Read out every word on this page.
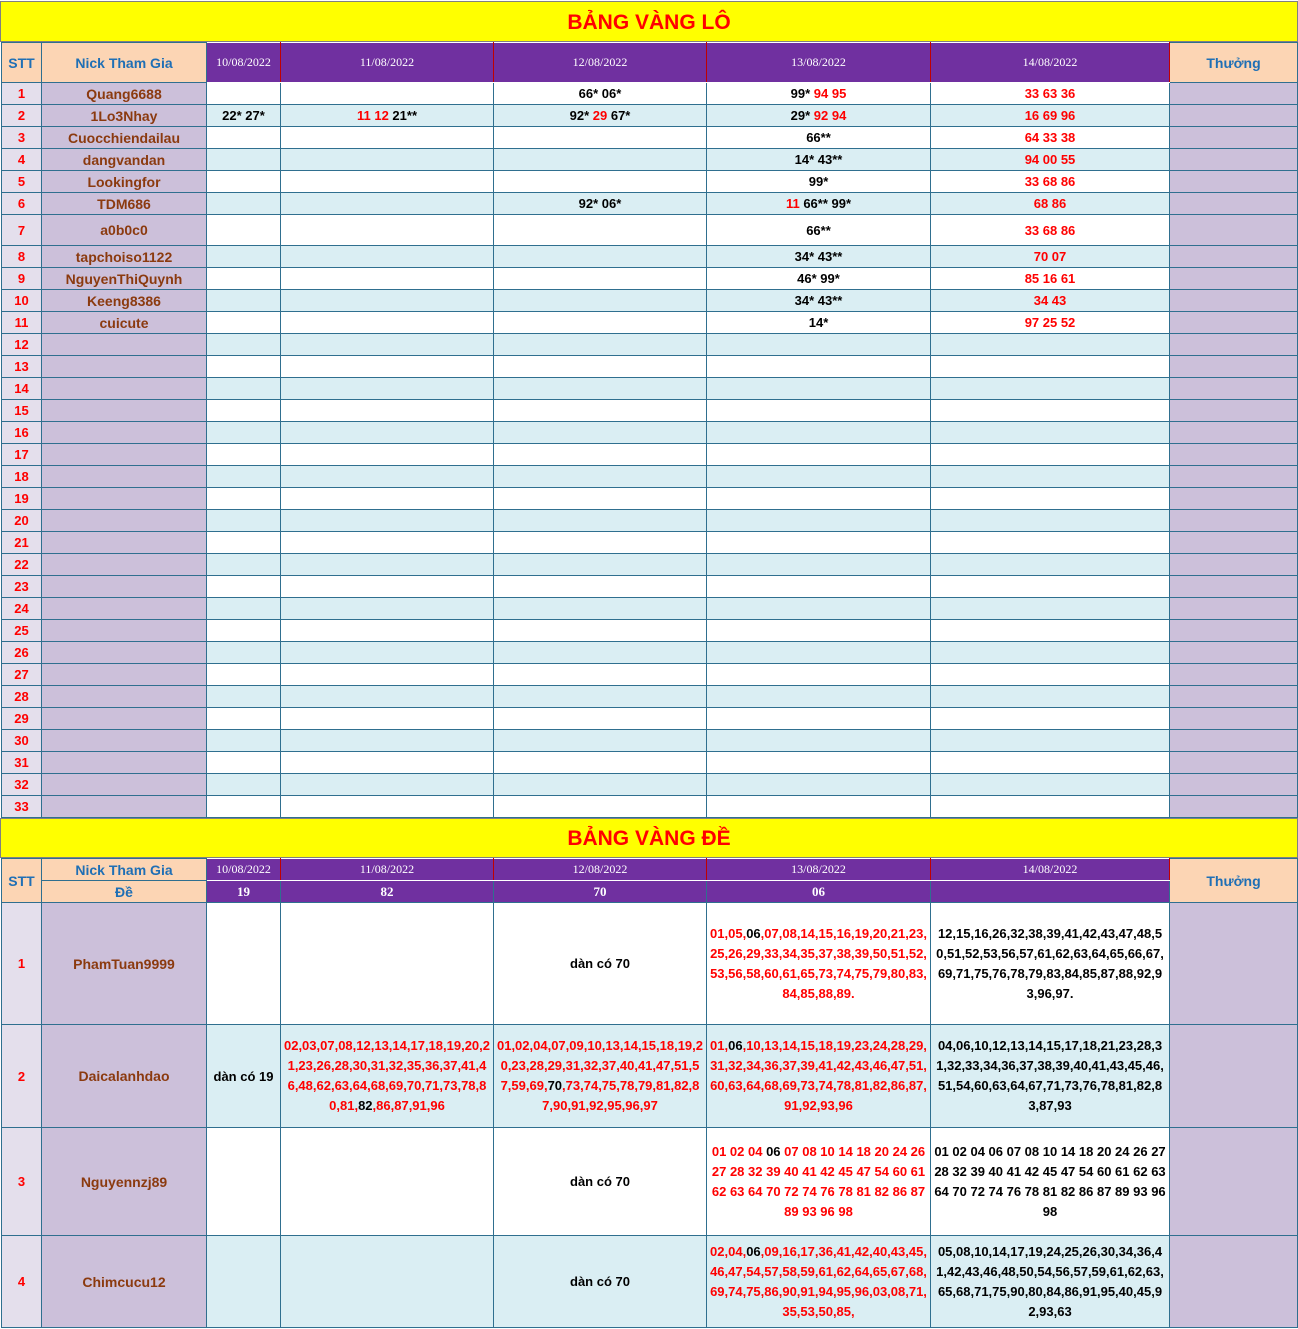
BẢNG VÀNG LÔ
STT	Nick Tham Gia	10/08/2022	11/08/2022	12/08/2022	13/08/2022	14/08/2022	Thưởng
1	Quang6688			66* 06*	99* 94 95	33 63 36	
2	1Lo3Nhay	22* 27*	11 12 21**	92* 29 67*	29* 92 94	16 69 96	
3	Cuocchiendailau				66**	64 33 38	
4	dangvandan				14* 43**	94 00 55	
5	Lookingfor				99*	33 68 86	
6	TDM686			92* 06*	11 66** 99*	68 86	
7	a0b0c0				66**	33 68 86	
8	tapchoiso1122				34* 43**	70 07	
9	NguyenThiQuynh				46* 99*	85 16 61	
10	Keeng8386				34* 43**	34 43	
11	cuicute				14*	97 25 52	
12							
13							
14							
15							
16							
17							
18							
19							
20							
21							
22							
23							
24							
25							
26							
27							
28							
29							
30							
31							
32							
33							
BẢNG VÀNG ĐỀ
STT	Nick Tham Gia	10/08/2022	11/08/2022	12/08/2022	13/08/2022	14/08/2022	Thưởng
	Đề	19	82	70	06		
1	PhamTuan9999			dàn có 70	01,05,06,07,08,14,15,16,19,20,21,23,25,26,29,33,34,35,37,38,39,50,51,52,53,56,58,60,61,65,73,74,75,79,80,83,84,85,88,89.	12,15,16,26,32,38,39,41,42,43,47,48,50,51,52,53,56,57,61,62,63,64,65,66,67,69,71,75,76,78,79,83,84,85,87,88,92,93,96,97.	
2	Daicalanhdao	dàn có 19	02,03,07,08,12,13,14,17,18,19,20,21,23,26,28,30,31,32,35,36,37,41,46,48,62,63,64,68,69,70,71,73,78,80,81,82,86,87,91,96	01,02,04,07,09,10,13,14,15,18,19,20,23,28,29,31,32,37,40,41,47,51,57,59,69,70,73,74,75,78,79,81,82,87,90,91,92,95,96,97	01,06,10,13,14,15,18,19,23,24,28,29,31,32,34,36,37,39,41,42,43,46,47,51,60,63,64,68,69,73,74,78,81,82,86,87,91,92,93,96	04,06,10,12,13,14,15,17,18,21,23,28,31,32,33,34,36,37,38,39,40,41,43,45,46,51,54,60,63,64,67,71,73,76,78,81,82,83,87,93	
3	Nguyennzj89			dàn có 70	01 02 04 06 07 08 10 14 18 20 24 26 27 28 32 39 40 41 42 45 47 54 60 61 62 63 64 70 72 74 76 78 81 82 86 87 89 93 96 98	01 02 04 06 07 08 10 14 18 20 24 26 27 28 32 39 40 41 42 45 47 54 60 61 62 63 64 70 72 74 76 78 81 82 86 87 89 93 96 98	
4	Chimcucu12			dàn có 70	02,04,06,09,16,17,36,41,42,40,43,45,46,47,54,57,58,59,61,62,64,65,67,68,69,74,75,86,90,91,94,95,96,03,08,71,35,53,50,85,	05,08,10,14,17,19,24,25,26,30,34,36,41,42,43,46,48,50,54,56,57,59,61,62,63,65,68,71,75,90,80,84,86,91,95,40,45,92,93,63	
